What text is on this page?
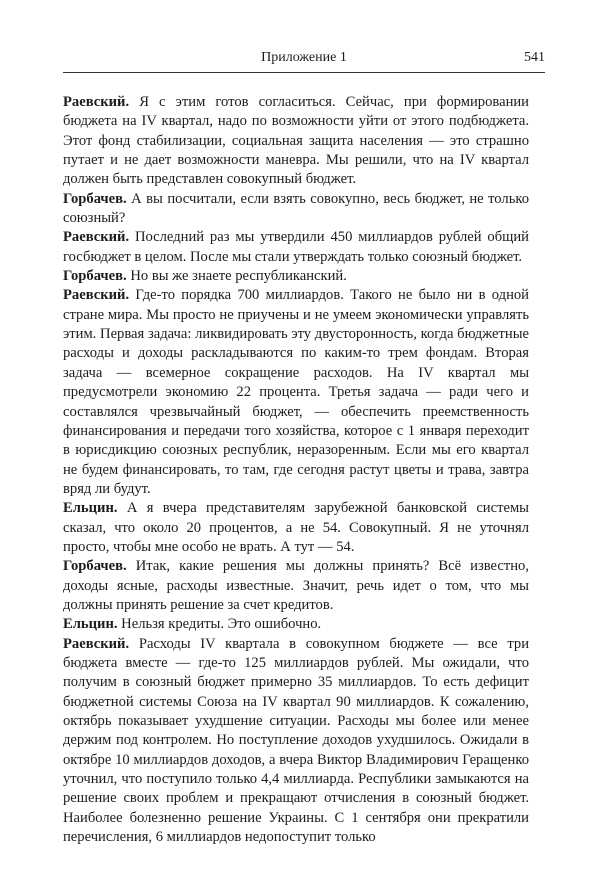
Приложение 1	541

Раевский. Я с этим готов согласиться. Сейчас, при формировании бюджета на IV квартал, надо по возможности уйти от этого подбюджета. Этот фонд стабилизации, социальная защита населения — это страшно путает и не дает возможности маневра. Мы решили, что на IV квартал должен быть представлен совокупный бюджет.

Горбачев. А вы посчитали, если взять совокупно, весь бюджет, не только союзный?

Раевский. Последний раз мы утвердили 450 миллиардов рублей общий госбюджет в целом. После мы стали утверждать только союзный бюджет.

Горбачев. Но вы же знаете республиканский.

Раевский. Где-то порядка 700 миллиардов. Такого не было ни в одной стране мира. Мы просто не приучены и не умеем экономически управлять этим. Первая задача: ликвидировать эту двусторонность, когда бюджетные расходы и доходы раскладываются по каким-то трем фондам. Вторая задача — всемерное сокращение расходов. На IV квартал мы предусмотрели экономию 22 процента. Третья задача — ради чего и составлялся чрезвычайный бюджет, — обеспечить преемственность финансирования и передачи того хозяйства, которое с 1 января переходит в юрисдикцию союзных республик, неразоренным. Если мы его квартал не будем финансировать, то там, где сегодня растут цветы и трава, завтра вряд ли будут.

Ельцин. А я вчера представителям зарубежной банковской системы сказал, что около 20 процентов, а не 54. Совокупный. Я не уточнял просто, чтобы мне особо не врать. А тут — 54.

Горбачев. Итак, какие решения мы должны принять? Всё известно, доходы ясные, расходы известные. Значит, речь идет о том, что мы должны принять решение за счет кредитов.

Ельцин. Нельзя кредиты. Это ошибочно.

Раевский. Расходы IV квартала в совокупном бюджете — все три бюджета вместе — где-то 125 миллиардов рублей. Мы ожидали, что получим в союзный бюджет примерно 35 миллиардов. То есть дефицит бюджетной системы Союза на IV квартал 90 миллиардов. К сожалению, октябрь показывает ухудшение ситуации. Расходы мы более или менее держим под контролем. Но поступление доходов ухудшилось. Ожидали в октябре 10 миллиардов доходов, а вчера Виктор Владимирович Геращенко уточнил, что поступило только 4,4 миллиарда. Республики замыкаются на решение своих проблем и прекращают отчисления в союзный бюджет. Наиболее болезненно решение Украины. С 1 сентября они прекратили перечисления, 6 миллиардов недопоступит только
